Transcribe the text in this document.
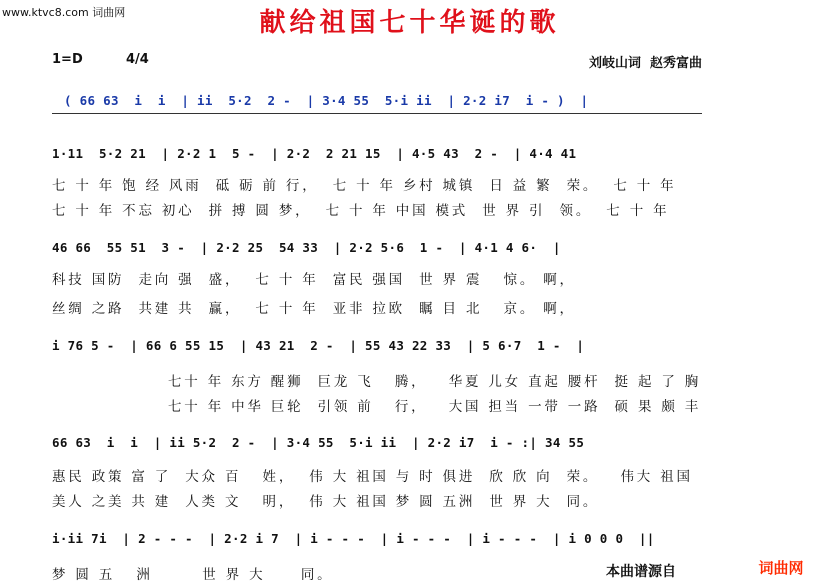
www.ktvc8.com 词曲网	献给祖国七十华诞的歌
1=D	4/4	刘岐山词  赵秀富曲
( 66 63  i  i  | ii  5·2  2 -  | 3·4 55  5·i ii  | 2·2 i7  i - )  |
1·11  5·2 21  | 2·2 1  5 -  | 2·2  2 21 15  | 4·5 43  2 -  | 4·4 41
七 十 年 饱 经 风雨  砥 砺 前 行，  七 十 年 乡村 城镇  日 益 繁  荣。  七 十 年
七 十 年 不忘 初心  拼 搏 圆 梦，  七 十 年 中国 模式  世 界 引  领。  七 十 年
46 66  55 51  3 -  | 2·2 25  54 33  | 2·2 5·6  1 -  | 4·1 4 6·  |
科技 国防  走向 强  盛，  七 十 年  富民 强国  世 界 震   惊。 啊，
丝绸 之路  共建 共  赢，  七 十 年  亚非 拉欧  瞩 目 北   京。 啊，
i 76 5 -  | 66 6 55 15  | 43 21  2 -  | 55 43 22 33  | 5 6·7  1 -  |
七十 年 东方 醒狮  巨龙 飞   腾，   华夏 儿女 直起 腰杆  挺 起 了 胸
七十 年 中华 巨轮  引领 前   行，   大国 担当 一带 一路  硕 果 颇 丰
66 63  i  i  | ii 5·2  2 -  | 3·4 55  5·i ii  | 2·2 i7  i - :| 34 55
惠民 政策 富 了  大众 百   姓，  伟 大 祖国 与 时 俱进  欣 欣 向  荣。   伟大 祖国
美人 之美 共 建  人类 文   明，  伟 大 祖国 梦 圆 五洲  世 界 大  同。
i·ii 7i  | 2 - - -  | 2·2 i 7  | i - - -  | i - - -  | i - - -  | i 0 0 0  ||
梦 圆 五   洲       世 界 大     同。	本曲谱源自	词曲网
